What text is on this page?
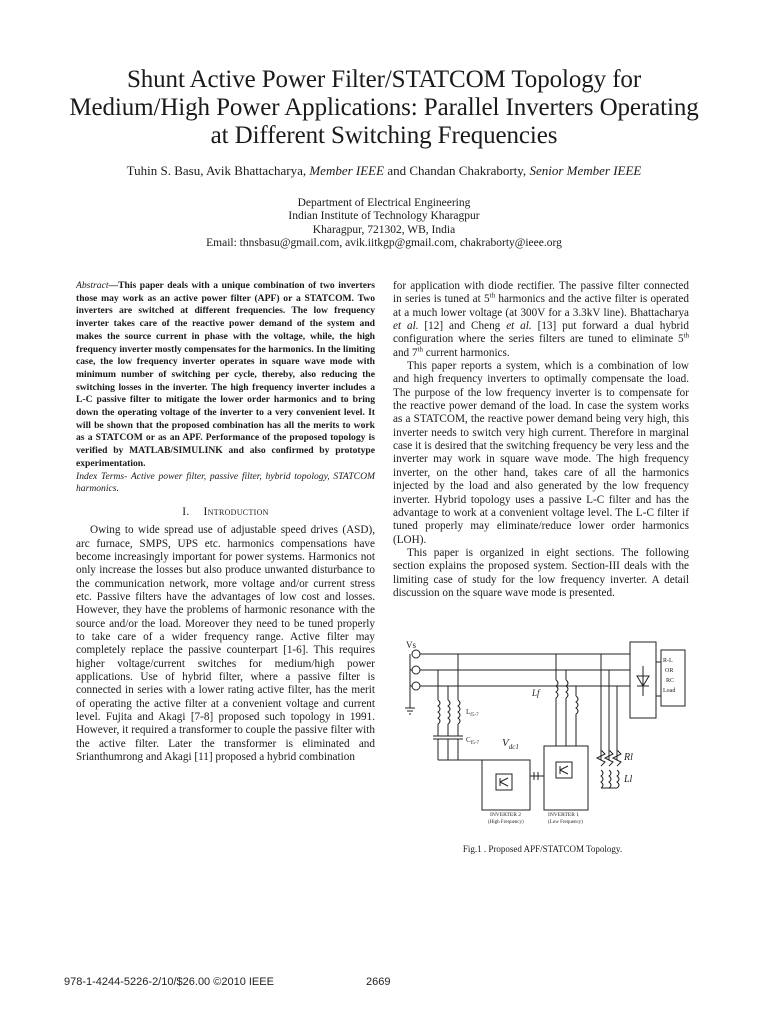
Shunt Active Power Filter/STATCOM Topology for Medium/High Power Applications: Parallel Inverters Operating at Different Switching Frequencies
Tuhin S. Basu, Avik Bhattacharya, Member IEEE and Chandan Chakraborty, Senior Member IEEE
Department of Electrical Engineering
Indian Institute of Technology Kharagpur
Kharagpur, 721302, WB, India
Email: thnsbasu@gmail.com, avik.iitkgp@gmail.com, chakraborty@ieee.org

Abstract—This paper deals with a unique combination of two inverters those may work as an active power filter (APF) or a STATCOM. Two inverters are switched at different frequencies. The low frequency inverter takes care of the reactive power demand of the system and makes the source current in phase with the voltage, while, the high frequency inverter mostly compensates for the harmonics. In the limiting case, the low frequency inverter operates in square wave mode with minimum number of switching per cycle, thereby, also reducing the switching losses in the inverter. The high frequency inverter includes a L-C passive filter to mitigate the lower order harmonics and to bring down the operating voltage of the inverter to a very convenient level. It will be shown that the proposed combination has all the merits to work as a STATCOM or as an APF. Performance of the proposed topology is verified by MATLAB/SIMULINK and also confirmed by prototype experimentation.

Index Terms- Active power filter, passive filter, hybrid topology, STATCOM harmonics.

I. Introduction

Owing to wide spread use of adjustable speed drives (ASD), arc furnace, SMPS, UPS etc. harmonics compensations have become increasingly important for power systems. Harmonics not only increase the losses but also produce unwanted disturbance to the communication network, more voltage and/or current stress etc. Passive filters have the advantages of low cost and losses. However, they have the problems of harmonic resonance with the source and/or the load. Moreover they need to be tuned properly to take care of a wider frequency range. Active filter may completely replace the passive counterpart [1-6]. This requires higher voltage/current switches for medium/high power applications. Use of hybrid filter, where a passive filter is connected in series with a lower rating active filter, has the merit of operating the active filter at a convenient voltage and current level. Fujita and Akagi [7-8] proposed such topology in 1991. However, it required a transformer to couple the passive filter with the active filter. Later the transformer is eliminated and Srianthumrong and Akagi [11] proposed a hybrid combination

for application with diode rectifier. The passive filter connected in series is tuned at 5th harmonics and the active filter is operated at a much lower voltage (at 300V for a 3.3kV line). Bhattacharya et al. [12] and Cheng et al. [13] put forward a dual hybrid configuration where the series filters are tuned to eliminate 5th and 7th current harmonics.

This paper reports a system, which is a combination of low and high frequency inverters to optimally compensate the load. The purpose of the low frequency inverter is to compensate for the reactive power demand of the load. In case the system works as a STATCOM, the reactive power demand being very high, this inverter needs to switch very high current. Therefore in marginal case it is desired that the switching frequency be very less and the inverter may work in square wave mode. The high frequency inverter, on the other hand, takes care of all the harmonics injected by the load and also generated by the low frequency inverter. Hybrid topology uses a passive L-C filter and has the advantage to work at a convenient voltage level. The L-C filter if tuned properly may eliminate/reduce lower order harmonics (LOH).

This paper is organized in eight sections. The following section explains the proposed system. Section-III deals with the limiting case of study for the low frequency inverter. A detail discussion on the square wave mode is presented.

Vs
R-L
OR
RC
Load
$L_{f5-7}$
$C_{f5-7}$
Lf
$V_{dc1}$
Rl
Ll
INVERTER 2
(High Frequency)
INVERTER 1
(Low Frequency)
Fig.1 . Proposed APF/STATCOM Topology.
978-1-4244-5226-2/10/$26.00 ©2010 IEEE	2669
